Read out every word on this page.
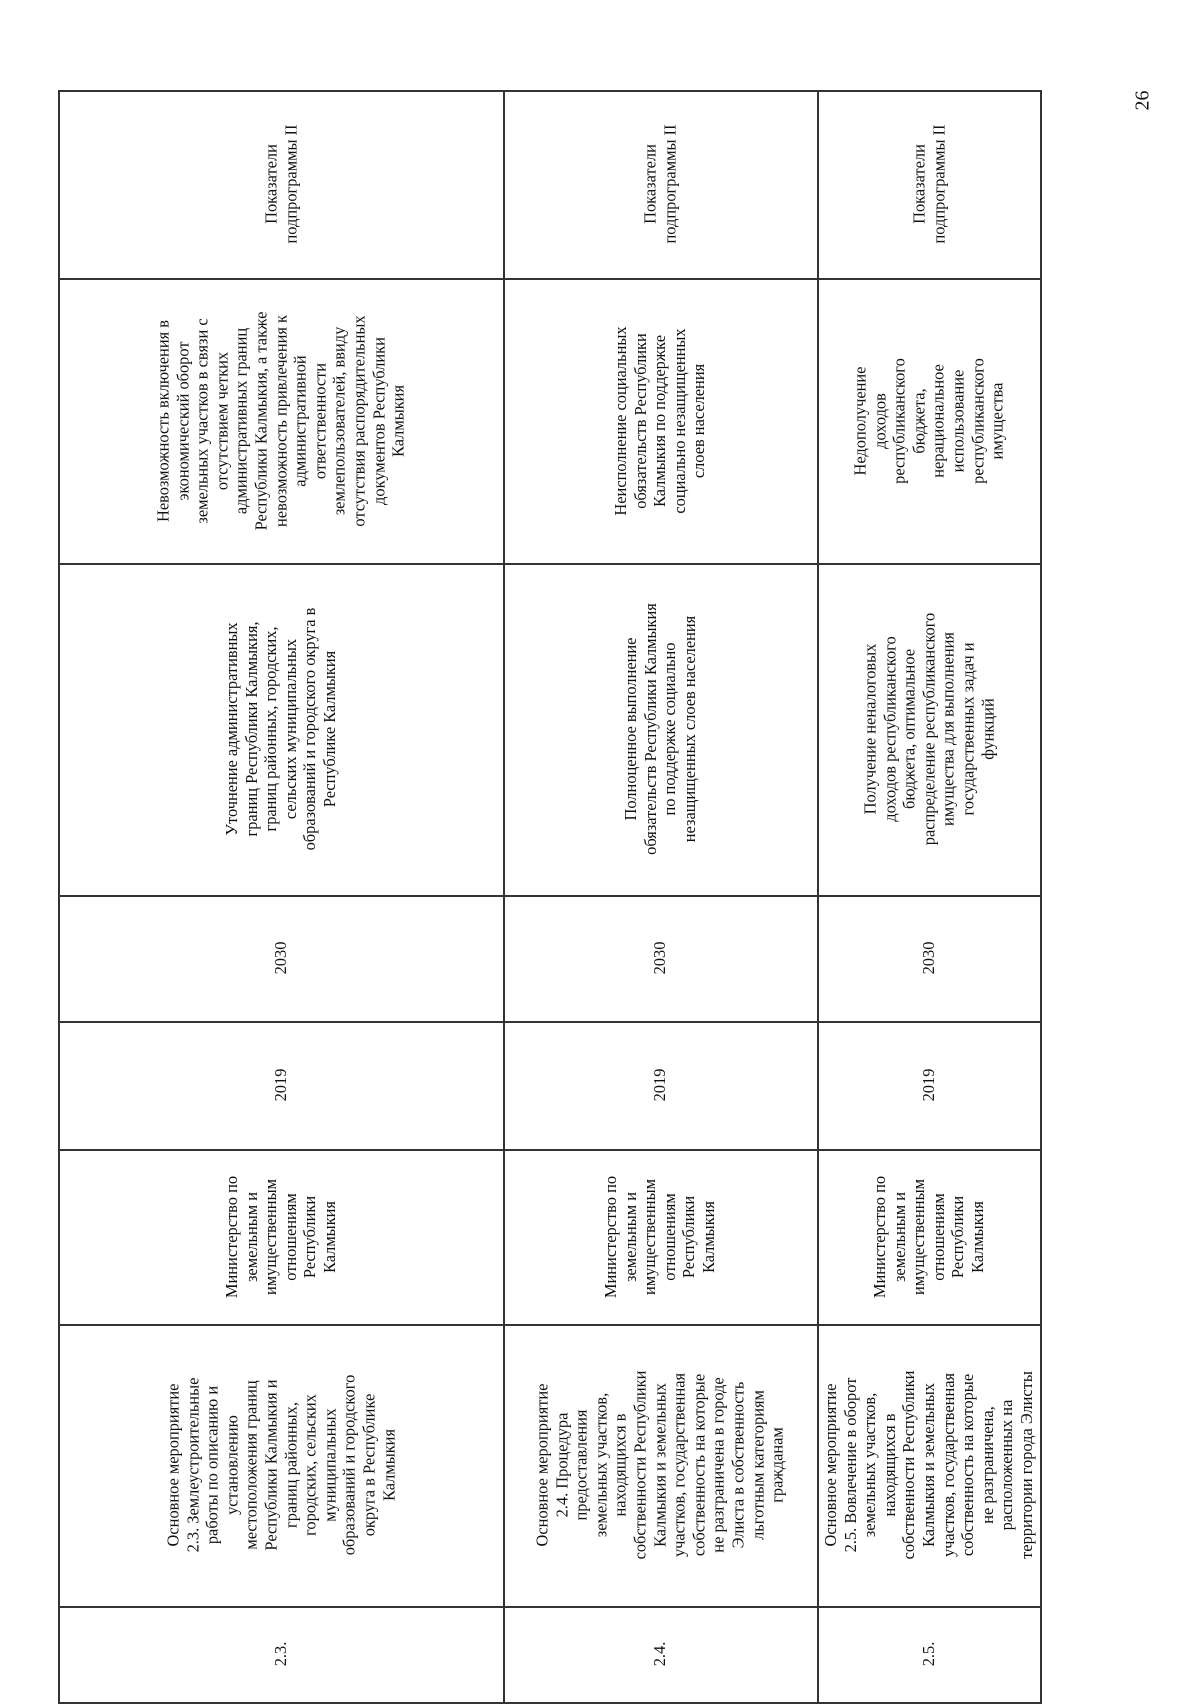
26
2.3.
Основное мероприятие 2.3. Землеустроительные работы по описанию и установлению местоположения границ Республики Калмыкия и границ районных, городских, сельских муниципальных образований и городского округа в Республике Калмыкия
Министерство по земельным и имущественным отношениям Республики Калмыкия
2019
2030
Уточнение административных границ Республики Калмыкия, границ районных, городских, сельских муниципальных образований и городского округа в Республике Калмыкия
Невозможность включения в экономический оборот земельных участков в связи с отсутствием четких административных границ Республики Калмыкия, а также невозможность привлечения к административной ответственности землепользователей, ввиду отсутствия распорядительных документов Республики Калмыкия
Показатели подпрограммы II
2.4.
Основное мероприятие 2.4. Процедура предоставления земельных участков, находящихся в собственности Республики Калмыкия и земельных участков, государственная собственность на которые не разграничена в городе Элиста в собственность льготным категориям гражданам
Министерство по земельным и имущественным отношениям Республики Калмыкия
2019
2030
Полноценное выполнение обязательств Республики Калмыкия по поддержке социально незащищенных слоев населения
Неисполнение социальных обязательств Республики Калмыкия по поддержке социально незащищенных слоев населения
Показатели подпрограммы II
2.5.
Основное мероприятие 2.5. Вовлечение в оборот земельных участков, находящихся в собственности Республики Калмыкия и земельных участков, государственная собственность на которые не разграничена, расположенных на территории города Элисты
Министерство по земельным и имущественным отношениям Республики Калмыкия
2019
2030
Получение неналоговых доходов республиканского бюджета, оптимальное распределение республиканского имущества для выполнения государственных задач и функций
Недополучение доходов республиканского бюджета, нерациональное использование республиканского имущества
Показатели подпрограммы II
